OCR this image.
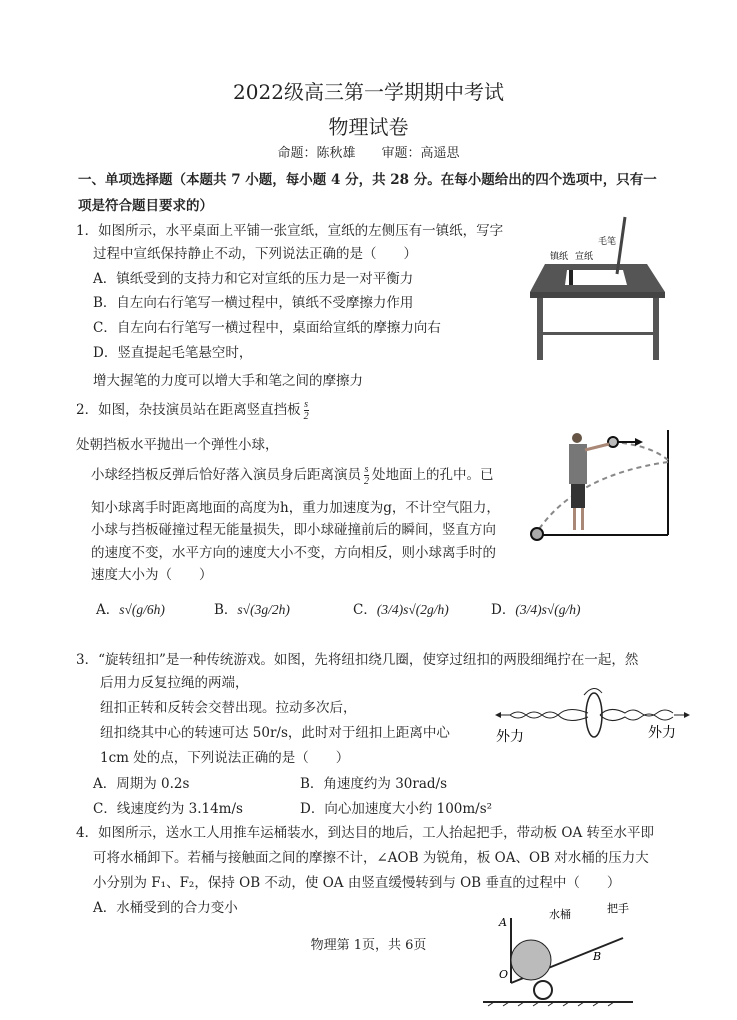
2022级高三第一学期期中考试
物理试卷
命题：陈秋雄　　审题：高遥思
一、单项选择题（本题共 7 小题，每小题 4 分，共 28 分。在每小题给出的四个选项中，只有一
项是符合题目要求的）
1．如图所示，水平桌面上平铺一张宣纸，宣纸的左侧压有一镇纸，写字
过程中宣纸保持静止不动，下列说法正确的是（　　）
A．镇纸受到的支持力和它对宣纸的压力是一对平衡力
B．自左向右行笔写一横过程中，镇纸不受摩擦力作用
C．自左向右行笔写一横过程中，桌面给宣纸的摩擦力向右
D．竖直提起毛笔悬空时，
增大握笔的力度可以增大手和笔之间的摩擦力
毛笔
镇纸 宣纸
2．如图，杂技演员站在距离竖直挡板 $\frac{s}{2}$
处朝挡板水平抛出一个弹性小球，
小球经挡板反弹后恰好落入演员身后距离演员 $\frac{s}{2}$ 处地面上的孔中。已
知小球离手时距离地面的高度为h，重力加速度为g，不计空气阻力，
小球与挡板碰撞过程无能量损失，即小球碰撞前后的瞬间，竖直方向
的速度不变，水平方向的速度大小不变，方向相反，则小球离手时的
速度大小为（　　）
A．s√(g/6h)	B．s√(3g/2h)	C．(3/4)s√(2g/h)	D．(3/4)s√(g/h)
3．“旋转纽扣”是一种传统游戏。如图，先将纽扣绕几圈，使穿过纽扣的两股细绳拧在一起，然
后用力反复拉绳的两端，
纽扣正转和反转会交替出现。拉动多次后，
纽扣绕其中心的转速可达 50r/s，此时对于纽扣上距离中心
1cm 处的点，下列说法正确的是（　　）
A．周期为 0.2s	B．角速度约为 30rad/s
C．线速度约为 3.14m/s	D．向心加速度大小约 100m/s²
外力	外力
4．如图所示，送水工人用推车运桶装水，到达目的地后，工人抬起把手，带动板 OA 转至水平即
可将水桶卸下。若桶与接触面之间的摩擦不计，∠AOB 为锐角，板 OA、OB 对水桶的压力大
小分别为 F₁、F₂，保持 OB 不动，使 OA 由竖直缓慢转到与 OB 垂直的过程中（　　）
A．水桶受到的合力变小
A
O
B
水桶	把手
物理第 1页，共 6页
